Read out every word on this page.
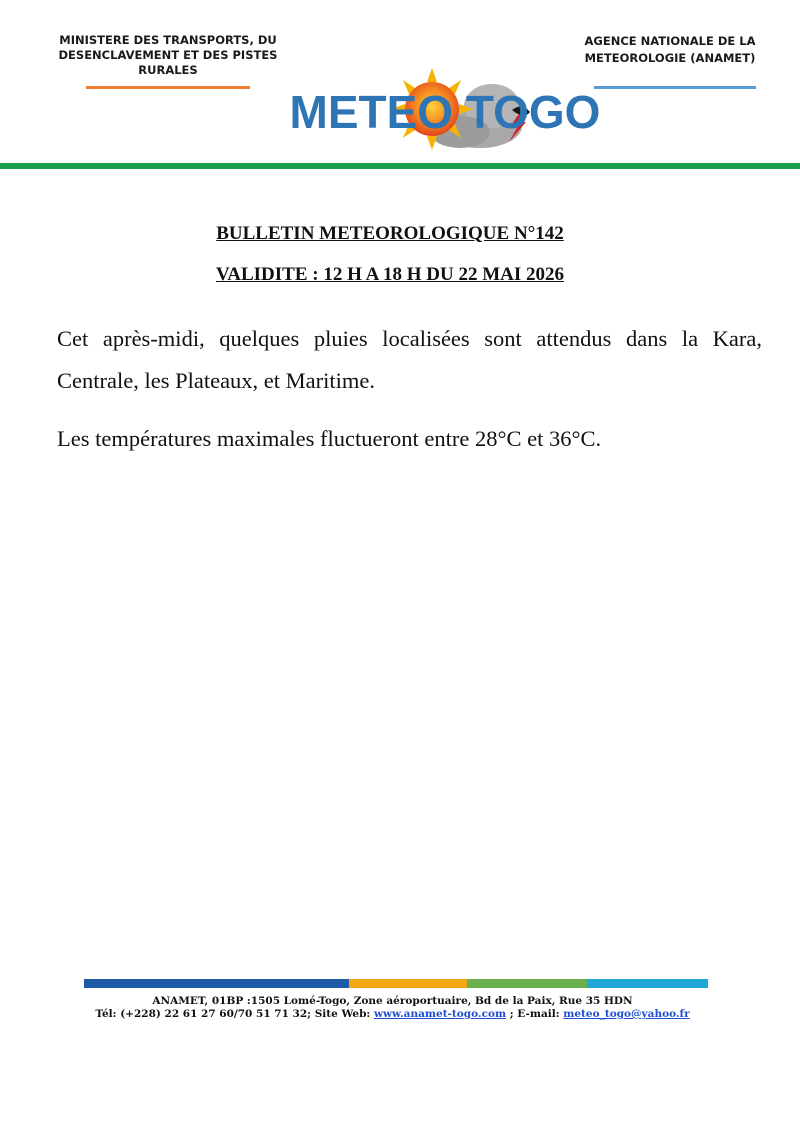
MINISTERE DES TRANSPORTS, DU
DESENCLAVEMENT ET DES PISTES
RURALES
AGENCE NATIONALE DE LA
METEOROLOGIE (ANAMET)
METEO TOGO
BULLETIN METEOROLOGIQUE N°142
VALIDITE : 12 H A 18 H DU 22 MAI 2026
Cet après-midi, quelques pluies localisées sont attendus dans la Kara, Centrale, les Plateaux, et Maritime.
Les températures maximales fluctueront entre 28°C et 36°C.
ANAMET, 01BP :1505 Lomé-Togo, Zone aéroportuaire, Bd de la Paix, Rue 35 HDN
Tél: (+228) 22 61 27 60/70 51 71 32; Site Web: www.anamet-togo.com ; E-mail: meteo_togo@yahoo.fr
